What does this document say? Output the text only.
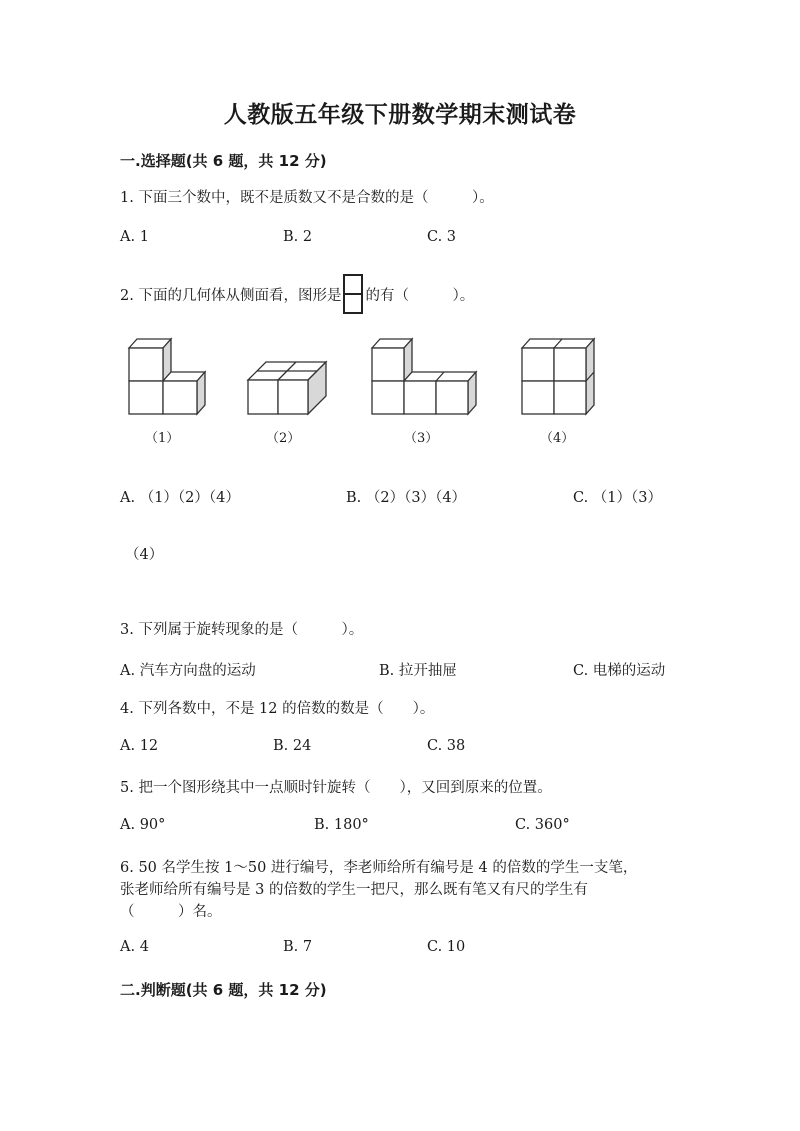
人教版五年级下册数学期末测试卷
一.选择题(共 6 题，共 12 分)
1. 下面三个数中，既不是质数又不是合数的是（　　　）。
A. 1	B. 2	C. 3
2. 下面的几何体从侧面看，图形是 的有（　　　）。
（1）	（2）	（3）	（4）
A. （1）（2）（4）	B. （2）（3）（4）	C. （1）（3）
（4）
3. 下列属于旋转现象的是（　　　）。
A. 汽车方向盘的运动	B. 拉开抽屉	C. 电梯的运动
4. 下列各数中，不是 12 的倍数的数是（　　）。
A. 12	B. 24	C. 38
5. 把一个图形绕其中一点顺时针旋转（　　），又回到原来的位置。
A. 90°	B. 180°	C. 360°
6. 50 名学生按 1～50 进行编号，李老师给所有编号是 4 的倍数的学生一支笔，
张老师给所有编号是 3 的倍数的学生一把尺，那么既有笔又有尺的学生有
（　　　）名。
A. 4	B. 7	C. 10
二.判断题(共 6 题，共 12 分)
